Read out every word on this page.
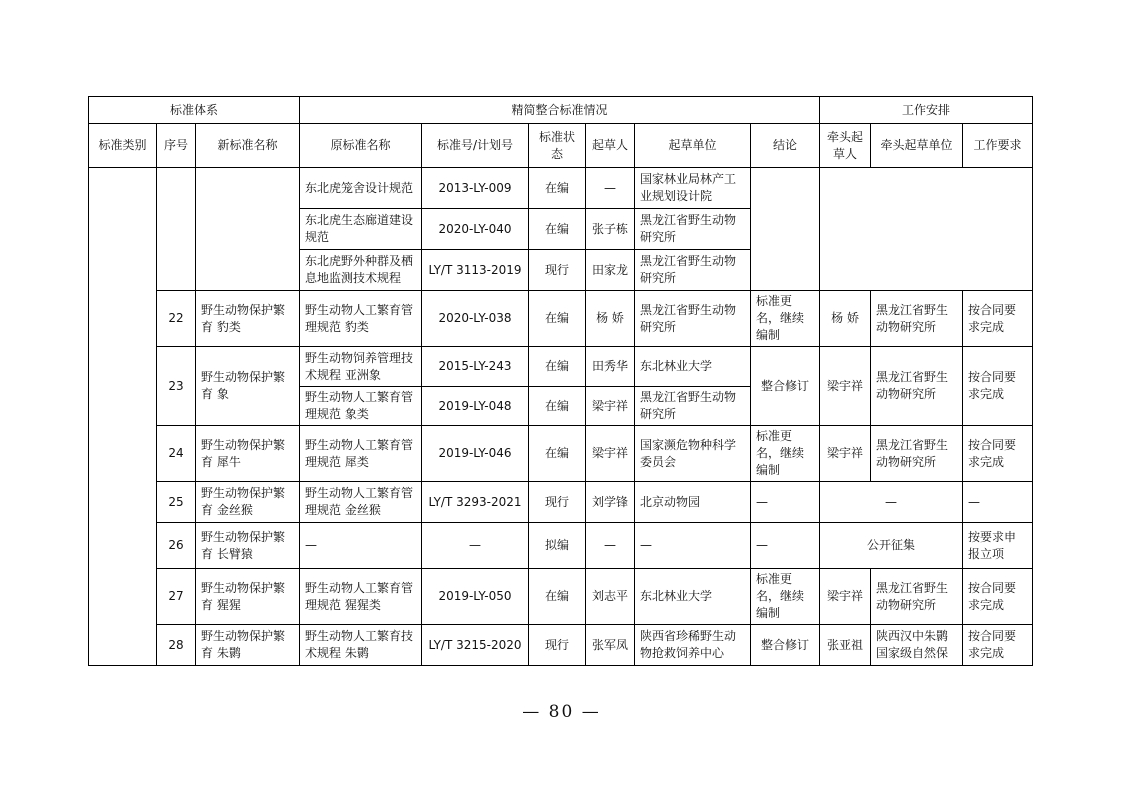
标准体系			精简整合标准情况						工作安排		
标准类别	序号	新标准名称	原标准名称	标准号/计划号	标准状态	起草人	起草单位	结论	牵头起草人	牵头起草单位	工作要求
			东北虎笼舍设计规范	2013-LY-009	在编	—	国家林业局林产工业规划设计院				
			东北虎生态廊道建设规范	2020-LY-040	在编	张子栋	黑龙江省野生动物研究所				
			东北虎野外种群及栖息地监测技术规程	LY/T 3113-2019	现行	田家龙	黑龙江省野生动物研究所				
	22	野生动物保护繁育 豹类	野生动物人工繁育管理规范 豹类	2020-LY-038	在编	杨 娇	黑龙江省野生动物研究所	标准更名，继续编制	杨 娇	黑龙江省野生动物研究所	按合同要求完成
	23	野生动物保护繁育 象	野生动物饲养管理技术规程 亚洲象	2015-LY-243	在编	田秀华	东北林业大学	整合修订	梁宇祥	黑龙江省野生动物研究所	按合同要求完成
			野生动物人工繁育管理规范 象类	2019-LY-048	在编	梁宇祥	黑龙江省野生动物研究所				
	24	野生动物保护繁育 犀牛	野生动物人工繁育管理规范 犀类	2019-LY-046	在编	梁宇祥	国家濒危物种科学委员会	标准更名，继续编制	梁宇祥	黑龙江省野生动物研究所	按合同要求完成
	25	野生动物保护繁育 金丝猴	野生动物人工繁育管理规范 金丝猴	LY/T 3293-2021	现行	刘学锋	北京动物园	—	—		—
	26	野生动物保护繁育 长臂猿	—	—	拟编	—	—	—	公开征集		按要求申报立项
	27	野生动物保护繁育 猩猩	野生动物人工繁育管理规范 猩猩类	2019-LY-050	在编	刘志平	东北林业大学	标准更名，继续编制	梁宇祥	黑龙江省野生动物研究所	按合同要求完成
	28	野生动物保护繁育 朱鹮	野生动物人工繁育技术规程 朱鹮	LY/T 3215-2020	现行	张军凤	陕西省珍稀野生动物抢救饲养中心	整合修订	张亚祖	陕西汉中朱鹮国家级自然保	按合同要求完成
— 80 —
